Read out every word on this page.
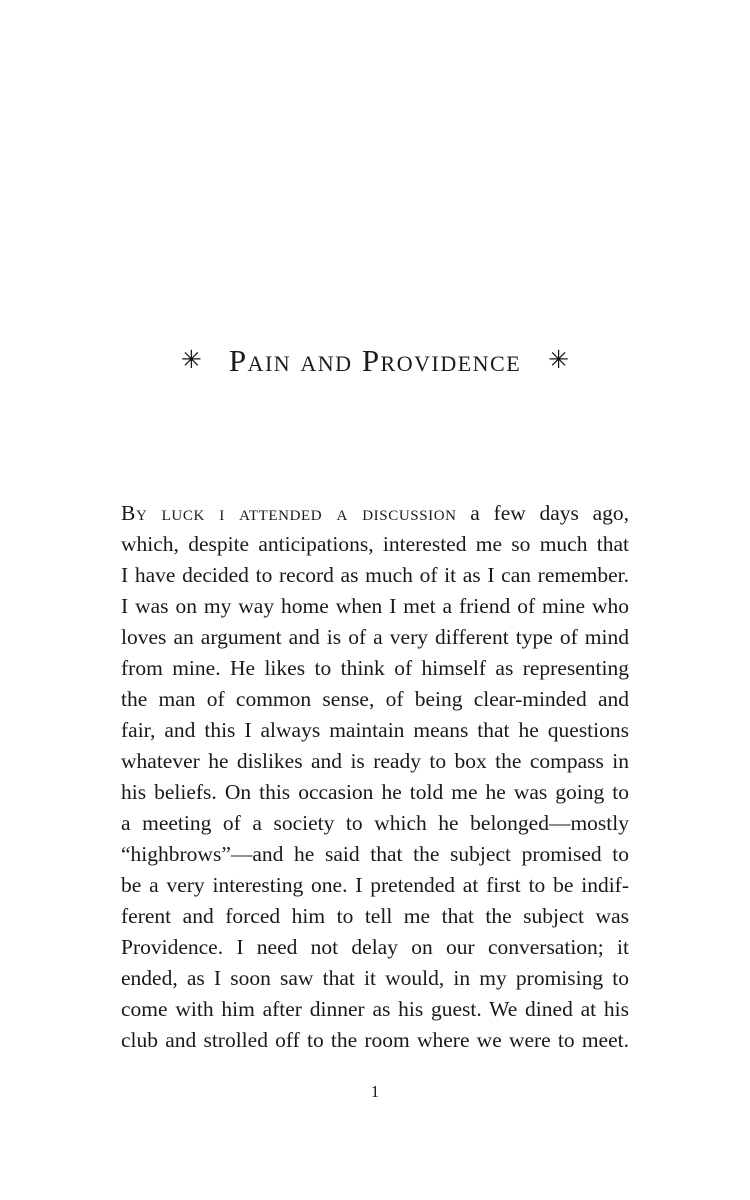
✳ Pain and Providence ✳
By luck i attended a discussion a few days ago,
which, despite anticipations, interested me so much that
I have decided to record as much of it as I can remember.
I was on my way home when I met a friend of mine who
loves an argument and is of a very different type of mind
from mine. He likes to think of himself as representing
the man of common sense, of being clear-minded and
fair, and this I always maintain means that he questions
whatever he dislikes and is ready to box the compass in
his beliefs. On this occasion he told me he was going to
a meeting of a society to which he belonged—mostly
“highbrows”—and he said that the subject promised to
be a very interesting one. I pretended at first to be indif-
ferent and forced him to tell me that the subject was
Providence. I need not delay on our conversation; it
ended, as I soon saw that it would, in my promising to
come with him after dinner as his guest. We dined at his
club and strolled off to the room where we were to meet.
1
